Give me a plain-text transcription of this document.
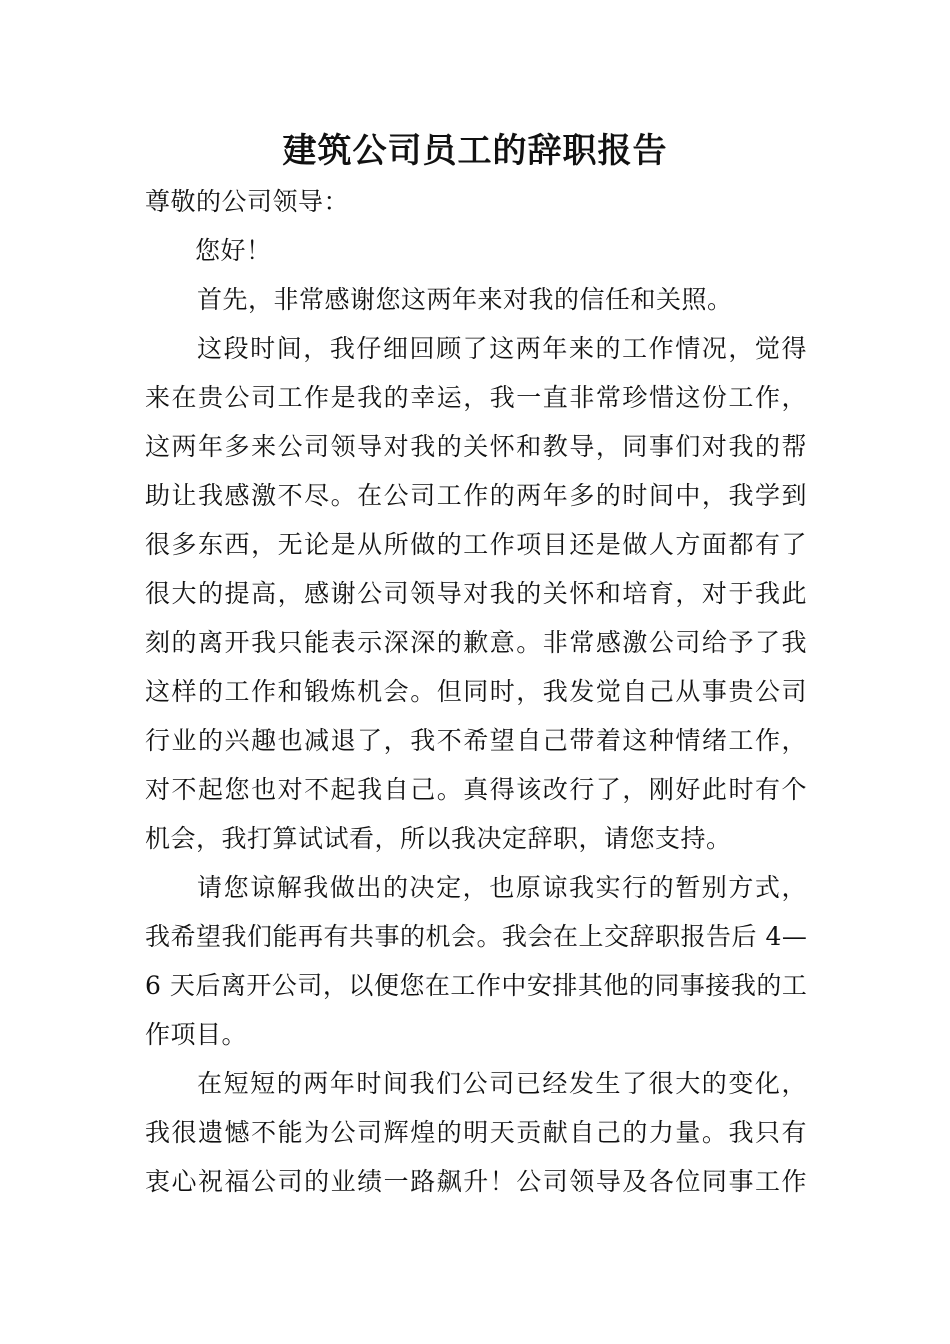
建筑公司员工的辞职报告

尊敬的公司领导：

您好！

首先，非常感谢您这两年来对我的信任和关照。

这段时间，我仔细回顾了这两年来的工作情况，觉得

来在贵公司工作是我的幸运，我一直非常珍惜这份工作，

这两年多来公司领导对我的关怀和教导，同事们对我的帮

助让我感激不尽。在公司工作的两年多的时间中，我学到

很多东西，无论是从所做的工作项目还是做人方面都有了

很大的提高，感谢公司领导对我的关怀和培育，对于我此

刻的离开我只能表示深深的歉意。非常感激公司给予了我

这样的工作和锻炼机会。但同时，我发觉自己从事贵公司

行业的兴趣也减退了，我不希望自己带着这种情绪工作，

对不起您也对不起我自己。真得该改行了，刚好此时有个

机会，我打算试试看，所以我决定辞职，请您支持。

请您谅解我做出的决定，也原谅我实行的暂别方式，

我希望我们能再有共事的机会。我会在上交辞职报告后 4—

6 天后离开公司，以便您在工作中安排其他的同事接我的工

作项目。

在短短的两年时间我们公司已经发生了很大的变化，

我很遗憾不能为公司辉煌的明天贡献自己的力量。我只有

衷心祝福公司的业绩一路飙升！公司领导及各位同事工作
